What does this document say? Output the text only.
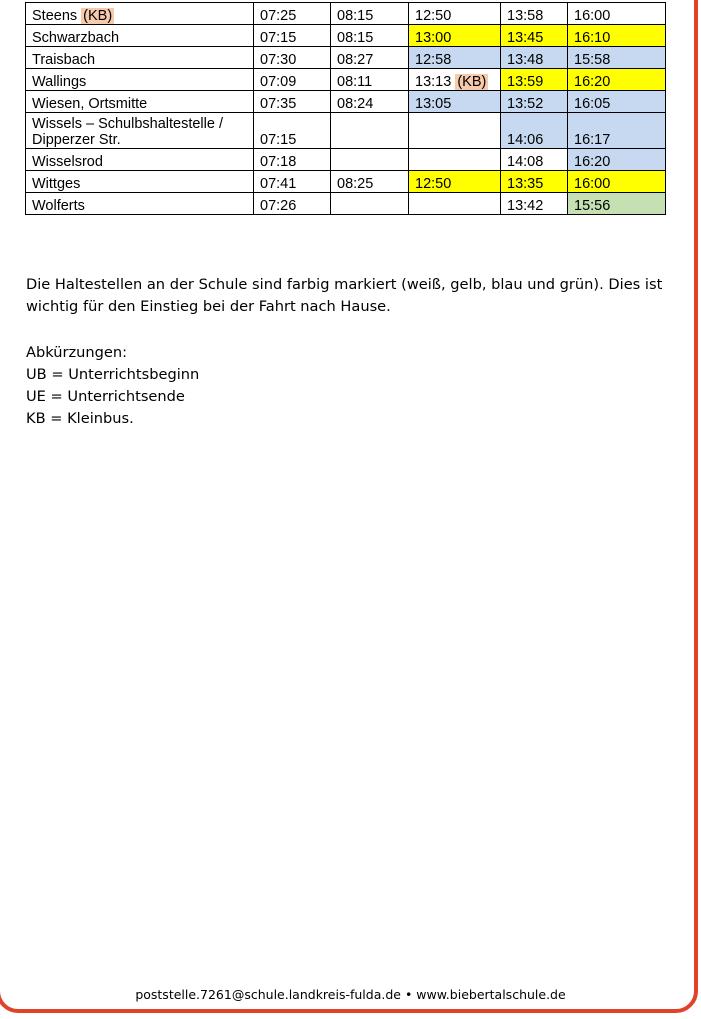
Steens (KB)	07:25	08:15	12:50	13:58	16:00
Schwarzbach	07:15	08:15	13:00	13:45	16:10
Traisbach	07:30	08:27	12:58	13:48	15:58
Wallings	07:09	08:11	13:13 (KB)	13:59	16:20
Wiesen, Ortsmitte	07:35	08:24	13:05	13:52	16:05
Wissels – Schulbshaltestelle / Dipperzer Str.	07:15			14:06	16:17
Wisselsrod	07:18			14:08	16:20
Wittges	07:41	08:25	12:50	13:35	16:00
Wolferts	07:26			13:42	15:56

Die Haltestellen an der Schule sind farbig markiert (weiß, gelb, blau und grün). Dies ist wichtig für den Einstieg bei der Fahrt nach Hause.

Abkürzungen:

UB = Unterrichtsbeginn

UE = Unterrichtsende

KB = Kleinbus.

poststelle.7261@schule.landkreis-fulda.de • www.biebertalschule.de
